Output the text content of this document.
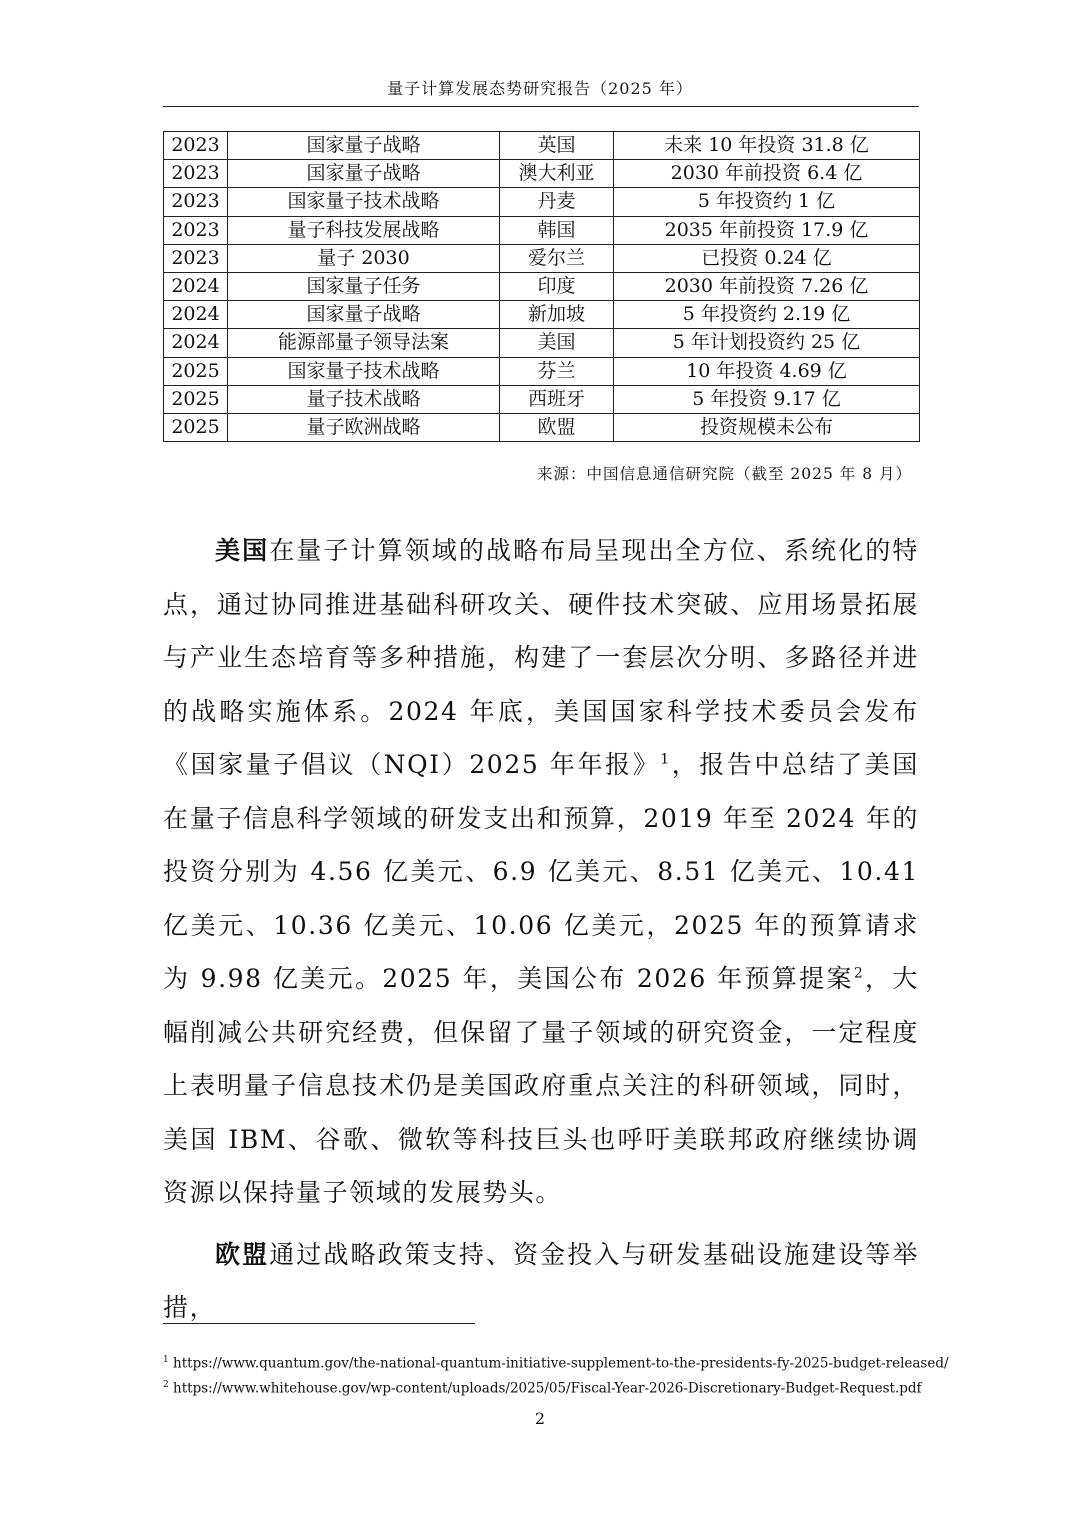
量子计算发展态势研究报告（2025 年）
2023	国家量子战略	英国	未来 10 年投资 31.8 亿
2023	国家量子战略	澳大利亚	2030 年前投资 6.4 亿
2023	国家量子技术战略	丹麦	5 年投资约 1 亿
2023	量子科技发展战略	韩国	2035 年前投资 17.9 亿
2023	量子 2030	爱尔兰	已投资 0.24 亿
2024	国家量子任务	印度	2030 年前投资 7.26 亿
2024	国家量子战略	新加坡	5 年投资约 2.19 亿
2024	能源部量子领导法案	美国	5 年计划投资约 25 亿
2025	国家量子技术战略	芬兰	10 年投资 4.69 亿
2025	量子技术战略	西班牙	5 年投资 9.17 亿
2025	量子欧洲战略	欧盟	投资规模未公布
来源：中国信息通信研究院（截至 2025 年 8 月）

美国在量子计算领域的战略布局呈现出全方位、系统化的特点，通过协同推进基础科研攻关、硬件技术突破、应用场景拓展与产业生态培育等多种措施，构建了一套层次分明、多路径并进的战略实施体系。2024 年底，美国国家科学技术委员会发布《国家量子倡议（NQI）2025 年年报》$^1$，报告中总结了美国在量子信息科学领域的研发支出和预算，2019 年至 2024 年的投资分别为 4.56 亿美元、6.9 亿美元、8.51 亿美元、10.41 亿美元、10.36 亿美元、10.06 亿美元，2025 年的预算请求为 9.98 亿美元。2025 年，美国公布 2026 年预算提案$^2$，大幅削减公共研究经费，但保留了量子领域的研究资金，一定程度上表明量子信息技术仍是美国政府重点关注的科研领域，同时，美国 IBM、谷歌、微软等科技巨头也呼吁美联邦政府继续协调资源以保持量子领域的发展势头。

欧盟通过战略政策支持、资金投入与研发基础设施建设等举措，

$^1$ https://www.quantum.gov/the-national-quantum-initiative-supplement-to-the-presidents-fy-2025-budget-released/
$^2$ https://www.whitehouse.gov/wp-content/uploads/2025/05/Fiscal-Year-2026-Discretionary-Budget-Request.pdf
2
